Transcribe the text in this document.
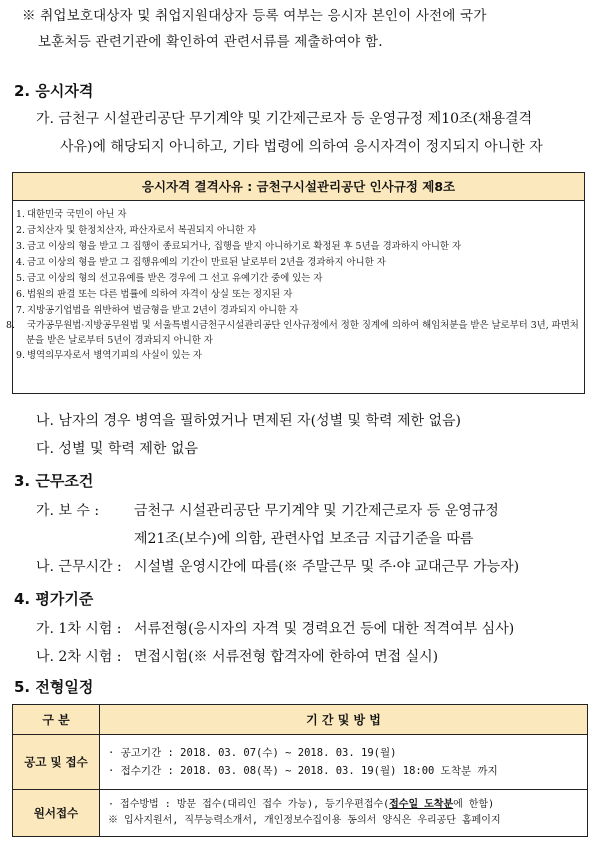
※ 취업보호대상자 및 취업지원대상자 등록 여부는 응시자 본인이 사전에 국가
보훈처등 관련기관에 확인하여 관련서류를 제출하여야 함.
2. 응시자격
가. 금천구 시설관리공단 무기계약 및 기간제근로자 등 운영규정 제10조(채용결격
사유)에 해당되지 아니하고, 기타 법령에 의하여 응시자격이 정지되지 아니한 자
응시자격 결격사유 : 금천구시설관리공단 인사규정 제8조
1. 대한민국 국민이 아닌 자
2. 금치산자 및 한정치산자, 파산자로서 복권되지 아니한 자
3. 금고 이상의 형을 받고 그 집행이 종료되거나, 집행을 받지 아니하기로 확정된 후 5년을 경과하지 아니한 자
4. 금고 이상의 형을 받고 그 집행유예의 기간이 만료된 날로부터 2년을 경과하지 아니한 자
5. 금고 이상의 형의 선고유예를 받은 경우에 그 선고 유예기간 중에 있는 자
6. 법원의 판결 또는 다른 법률에 의하여 자격이 상실 또는 정지된 자
7. 지방공기업법을 위반하여 벌금형을 받고 2년이 경과되지 아니한 자
8. 국가공무원법·지방공무원법 및 서울특별시금천구시설관리공단 인사규정에서 정한 징계에 의하여 해임처분을 받은 날로부터 3년, 파면처분을 받은 날로부터 5년이 경과되지 아니한 자
9. 병역의무자로서 병역기피의 사실이 있는 자
나. 남자의 경우 병역을 필하였거나 면제된 자(성별 및 학력 제한 없음)
다. 성별 및 학력 제한 없음
3. 근무조건
가. 보 수 : 금천구 시설관리공단 무기계약 및 기간제근로자 등 운영규정
제21조(보수)에 의함, 관련사업 보조금 지급기준을 따름
나. 근무시간 : 시설별 운영시간에 따름(※ 주말근무 및 주·야 교대근무 가능자)
4. 평가기준
가. 1차 시험 : 서류전형(응시자의 자격 및 경력요건 등에 대한 적격여부 심사)
나. 2차 시험 : 면접시험(※ 서류전형 합격자에 한하여 면접 실시)
5. 전형일정
구 분	기 간 및 방 법
공고 및 접수	· 공고기간 : 2018. 03. 07(수) ~ 2018. 03. 19(월)
· 접수기간 : 2018. 03. 08(목) ~ 2018. 03. 19(월) 18:00 도착분 까지

원서접수	· 접수방법 : 방문 접수(대리인 접수 가능), 등기우편접수(접수일 도착분에 한함)
※ 입사지원서, 직무능력소개서, 개인정보수집이용 동의서 양식은 우리공단 홈페이지
